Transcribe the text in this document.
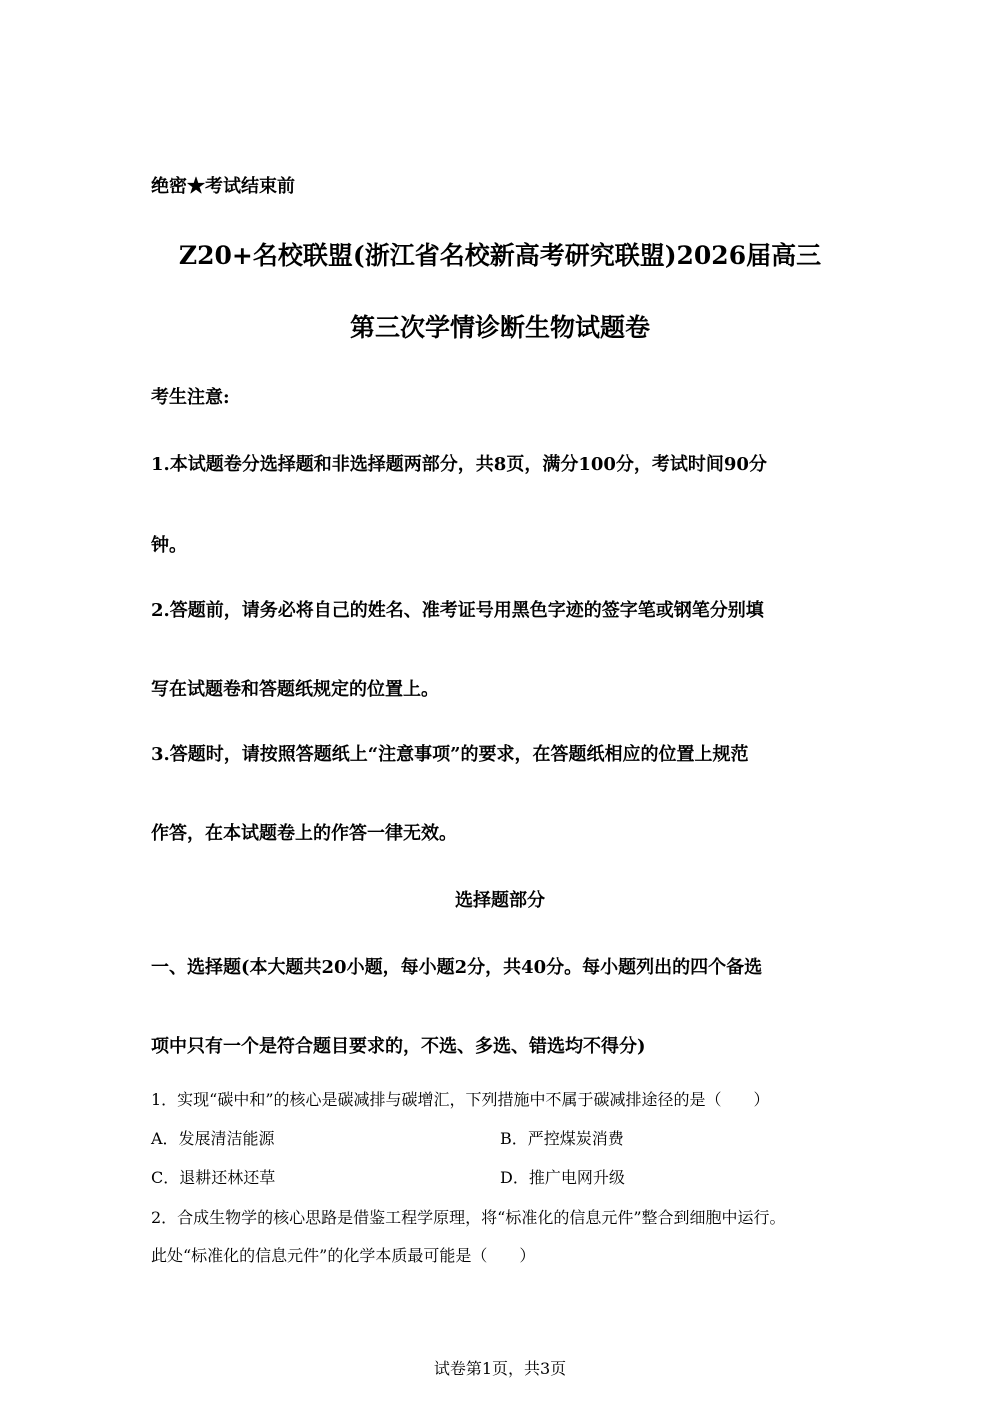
绝密★考试结束前
Z20+名校联盟(浙江省名校新高考研究联盟)2026届高三
第三次学情诊断生物试题卷
考生注意:
1.本试题卷分选择题和非选择题两部分，共8页，满分100分，考试时间90分
钟。
2.答题前，请务必将自己的姓名、准考证号用黑色字迹的签字笔或钢笔分别填
写在试题卷和答题纸规定的位置上。
3.答题时，请按照答题纸上“注意事项”的要求，在答题纸相应的位置上规范
作答，在本试题卷上的作答一律无效。
选择题部分
一、选择题(本大题共20小题，每小题2分，共40分。每小题列出的四个备选
项中只有一个是符合题目要求的，不选、多选、错选均不得分)
1．实现“碳中和”的核心是碳减排与碳增汇，下列措施中不属于碳减排途径的是（　　）
A．发展清洁能源	B．严控煤炭消费
C．退耕还林还草	D．推广电网升级
2．合成生物学的核心思路是借鉴工程学原理，将“标准化的信息元件”整合到细胞中运行。
此处“标准化的信息元件”的化学本质最可能是（　　）
试卷第1页，共3页
